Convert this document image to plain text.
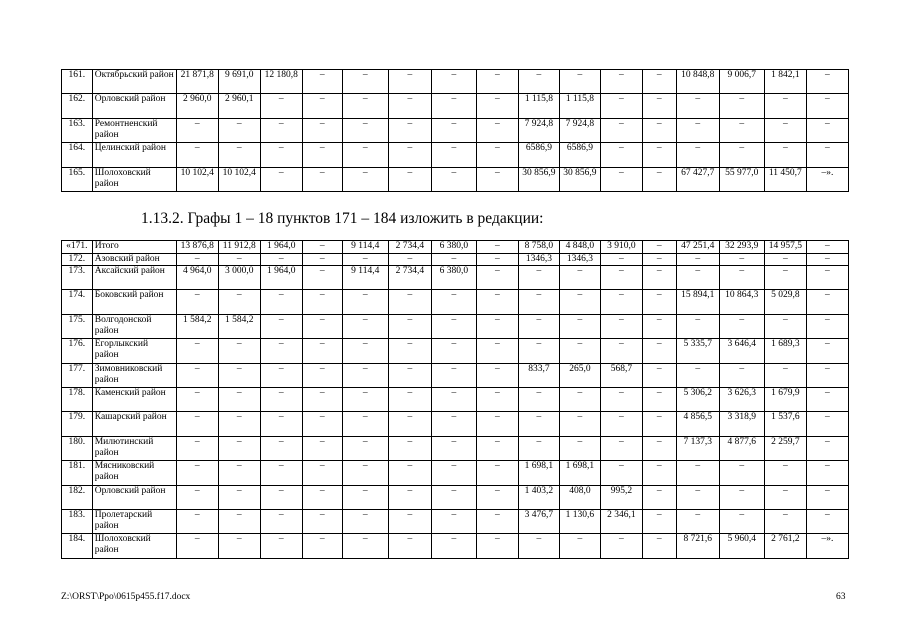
161.	Октябрьский район	21 871,8	9 691,0	12 180,8	–	–	–	–	–	–	–	–	–	10 848,8	9 006,7	1 842,1	–
162.	Орловский район	2 960,0	2 960,1	–	–	–	–	–	–	1 115,8	1 115,8	–	–	–	–	–	–
163.	Ремонтненский район	–	–	–	–	–	–	–	–	7 924,8	7 924,8	–	–	–	–	–	–
164.	Целинский район	–	–	–	–	–	–	–	–	6586,9	6586,9	–	–	–	–	–	–
165.	Шолоховский район	10 102,4	10 102,4	–	–	–	–	–	–	30 856,9	30 856,9	–	–	67 427,7	55 977,0	11 450,7	–».
1.13.2. Графы 1 – 18 пунктов 171 – 184 изложить в редакции:
«171.	Итого	13 876,8	11 912,8	1 964,0	–	9 114,4	2 734,4	6 380,0	–	8 758,0	4 848,0	3 910,0	–	47 251,4	32 293,9	14 957,5	–
172.	Азовский район	–	–	–	–	–	–	–	–	1346,3	1346,3	–	–	–	–	–	–
173.	Аксайский район	4 964,0	3 000,0	1 964,0	–	9 114,4	2 734,4	6 380,0	–	–	–	–	–	–	–	–	–
174.	Боковский район	–	–	–	–	–	–	–	–	–	–	–	–	15 894,1	10 864,3	5 029,8	–
175.	Волгодонской район	1 584,2	1 584,2	–	–	–	–	–	–	–	–	–	–	–	–	–	–
176.	Егорлыкский район	–	–	–	–	–	–	–	–	–	–	–	–	5 335,7	3 646,4	1 689,3	–
177.	Зимовниковский район	–	–	–	–	–	–	–	–	833,7	265,0	568,7	–	–	–	–	–
178.	Каменский район	–	–	–	–	–	–	–	–	–	–	–	–	5 306,2	3 626,3	1 679,9	–
179.	Кашарский район	–	–	–	–	–	–	–	–	–	–	–	–	4 856,5	3 318,9	1 537,6	–
180.	Милютинский район	–	–	–	–	–	–	–	–	–	–	–	–	7 137,3	4 877,6	2 259,7	–
181.	Мясниковский район	–	–	–	–	–	–	–	–	1 698,1	1 698,1	–	–	–	–	–	–
182.	Орловский район	–	–	–	–	–	–	–	–	1 403,2	408,0	995,2	–	–	–	–	–
183.	Пролетарский район	–	–	–	–	–	–	–	–	3 476,7	1 130,6	2 346,1	–	–	–	–	–
184.	Шолоховский район	–	–	–	–	–	–	–	–	–	–	–	–	8 721,6	5 960,4	2 761,2	–».
Z:\ORST\Ppo\0615p455.f17.docx	63
